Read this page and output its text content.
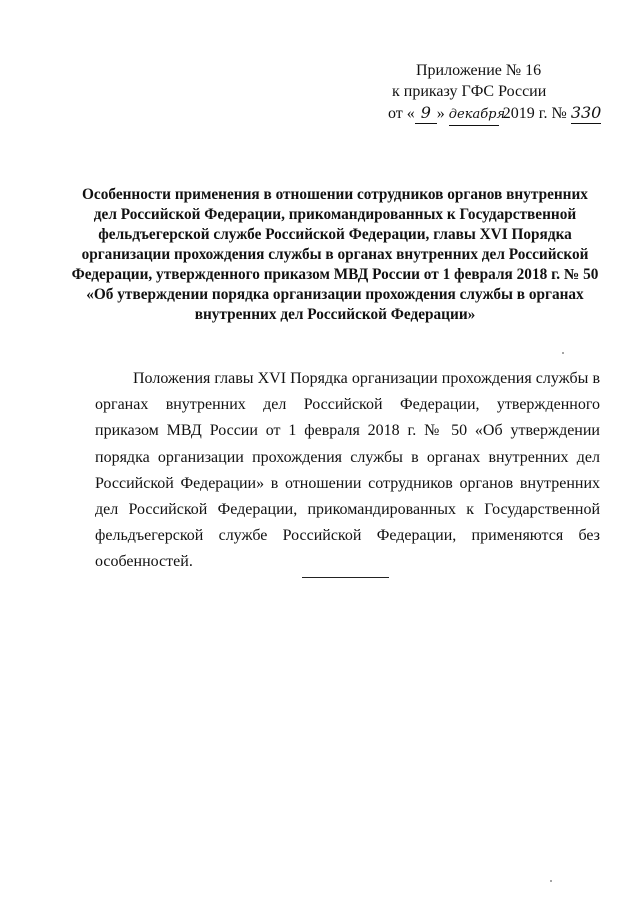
Приложение № 16
к приказу ГФС России
от « 9 » декабря 2019 г. № 330
Особенности применения в отношении сотрудников органов внутренних дел Российской Федерации, прикомандированных к Государственной фельдъегерской службе Российской Федерации, главы XVI Порядка организации прохождения службы в органах внутренних дел Российской Федерации, утвержденного приказом МВД России от 1 февраля 2018 г. № 50 «Об утверждении порядка организации прохождения службы в органах внутренних дел Российской Федерации»
Положения главы XVI Порядка организации прохождения службы в органах внутренних дел Российской Федерации, утвержденного приказом МВД России от 1 февраля 2018 г. № 50 «Об утверждении порядка организации прохождения службы в органах внутренних дел Российской Федерации» в отношении сотрудников органов внутренних дел Российской Федерации, прикомандированных к Государственной фельдъегерской службе Российской Федерации, применяются без особенностей.
